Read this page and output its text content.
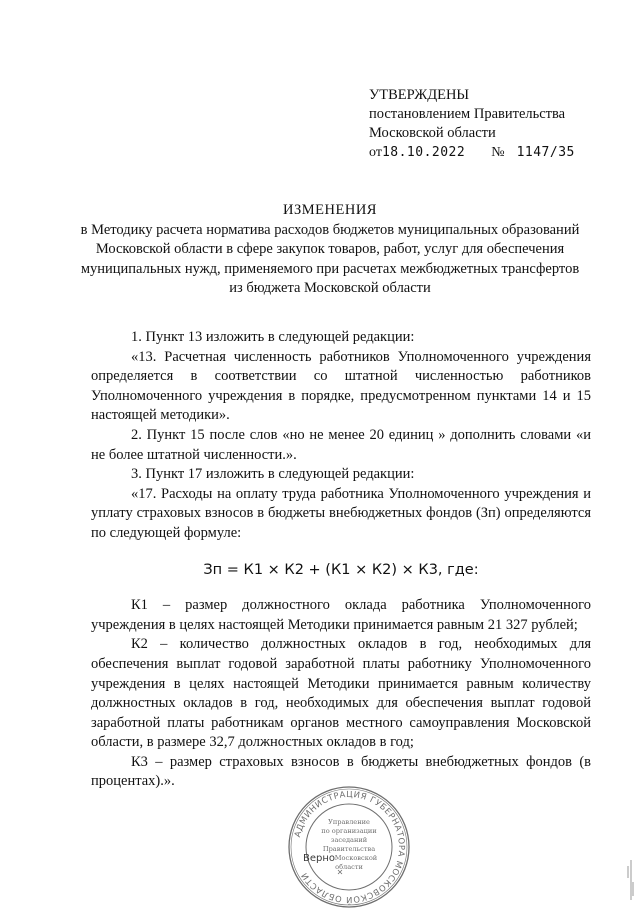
УТВЕРЖДЕНЫ
постановлением Правительства
Московской области
от18.10.2022 № 1147/35
ИЗМЕНЕНИЯ
в Методику расчета норматива расходов бюджетов муниципальных образований
Московской области в сфере закупок товаров, работ, услуг для обеспечения
муниципальных нужд, применяемого при расчетах межбюджетных трансфертов
из бюджета Московской области

1. Пункт 13 изложить в следующей редакции:

«13. Расчетная численность работников Уполномоченного учреждения определяется в соответствии со штатной численностью работников Уполномоченного учреждения в порядке, предусмотренном пунктами 14 и 15 настоящей методики».

2. Пункт 15 после слов «но не менее 20 единиц » дополнить словами «и не более штатной численности.».

3. Пункт 17 изложить в следующей редакции:

«17. Расходы на оплату труда работника Уполномоченного учреждения и уплату страховых взносов в бюджеты внебюджетных фондов (Зп) определяются по следующей формуле:

Зп = К1 × К2 + (К1 × К2) × К3, где:

К1 – размер должностного оклада работника Уполномоченного учреждения в целях настоящей Методики принимается равным 21 327 рублей;

К2 – количество должностных окладов в год, необходимых для обеспечения выплат годовой заработной платы работнику Уполномоченного учреждения в целях настоящей Методики принимается равным количеству должностных окладов в год, необходимых для обеспечения выплат годовой заработной платы работникам органов местного самоуправления Московской области, в размере 32,7 должностных окладов в год;

К3 – размер страховых взносов в бюджеты внебюджетных фондов (в процентах).».

АДМИНИСТРАЦИЯ ГУБЕРНАТОРА МОСКОВСКОЙ ОБЛАСТИ
Управление
по организации
заседаний
Правительства
Московской
области
Верно
